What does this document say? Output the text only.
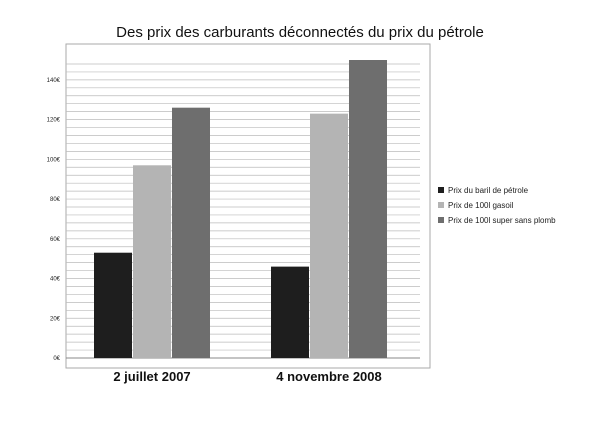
Des prix des carburants déconnectés du prix du pétrole
0€
20€
40€
60€
80€
100€
120€
140€
2 juillet 2007	4 novembre 2008
Prix du baril de pétrole
Prix de 100l gasoil
Prix de 100l super sans plomb
